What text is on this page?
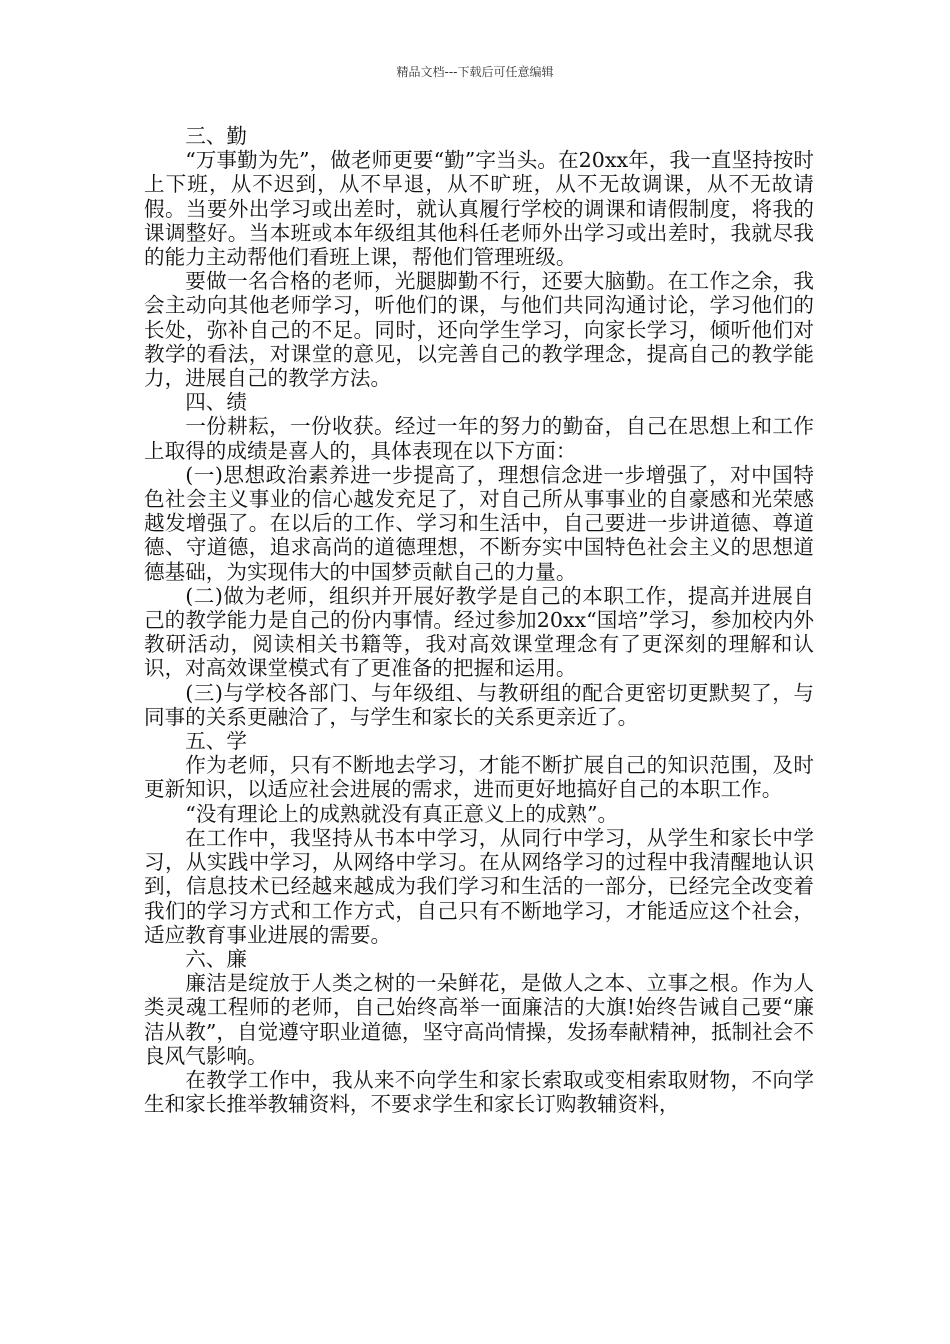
精品文档---下载后可任意编辑

三、勤

“万事勤为先”，做老师更要“勤”字当头。在20xx年，我一直坚持按时上下班，从不迟到，从不早退，从不旷班，从不无故调课，从不无故请假。当要外出学习或出差时，就认真履行学校的调课和请假制度，将我的课调整好。当本班或本年级组其他科任老师外出学习或出差时，我就尽我的能力主动帮他们看班上课，帮他们管理班级。

要做一名合格的老师，光腿脚勤不行，还要大脑勤。在工作之余，我会主动向其他老师学习，听他们的课，与他们共同沟通讨论，学习他们的长处，弥补自己的不足。同时，还向学生学习，向家长学习，倾听他们对教学的看法，对课堂的意见，以完善自己的教学理念，提高自己的教学能力，进展自己的教学方法。

四、绩

一份耕耘，一份收获。经过一年的努力的勤奋，自己在思想上和工作上取得的成绩是喜人的，具体表现在以下方面：

(一)思想政治素养进一步提高了，理想信念进一步增强了，对中国特色社会主义事业的信心越发充足了，对自己所从事事业的自豪感和光荣感越发增强了。在以后的工作、学习和生活中，自己要进一步讲道德、尊道德、守道德，追求高尚的道德理想，不断夯实中国特色社会主义的思想道德基础，为实现伟大的中国梦贡献自己的力量。

(二)做为老师，组织并开展好教学是自己的本职工作，提高并进展自己的教学能力是自己的份内事情。经过参加20xx“国培”学习，参加校内外教研活动，阅读相关书籍等，我对高效课堂理念有了更深刻的理解和认识，对高效课堂模式有了更准备的把握和运用。

(三)与学校各部门、与年级组、与教研组的配合更密切更默契了，与同事的关系更融洽了，与学生和家长的关系更亲近了。

五、学

作为老师，只有不断地去学习，才能不断扩展自己的知识范围，及时更新知识，以适应社会进展的需求，进而更好地搞好自己的本职工作。

“没有理论上的成熟就没有真正意义上的成熟”。

在工作中，我坚持从书本中学习，从同行中学习，从学生和家长中学习，从实践中学习，从网络中学习。在从网络学习的过程中我清醒地认识到，信息技术已经越来越成为我们学习和生活的一部分，已经完全改变着我们的学习方式和工作方式，自己只有不断地学习，才能适应这个社会，适应教育事业进展的需要。

六、廉

廉洁是绽放于人类之树的一朵鲜花，是做人之本、立事之根。作为人类灵魂工程师的老师，自己始终高举一面廉洁的大旗!始终告诫自己要“廉洁从教”，自觉遵守职业道德，坚守高尚情操，发扬奉献精神，抵制社会不良风气影响。

在教学工作中，我从来不向学生和家长索取或变相索取财物，不向学生和家长推举教辅资料，不要求学生和家长订购教辅资料，
